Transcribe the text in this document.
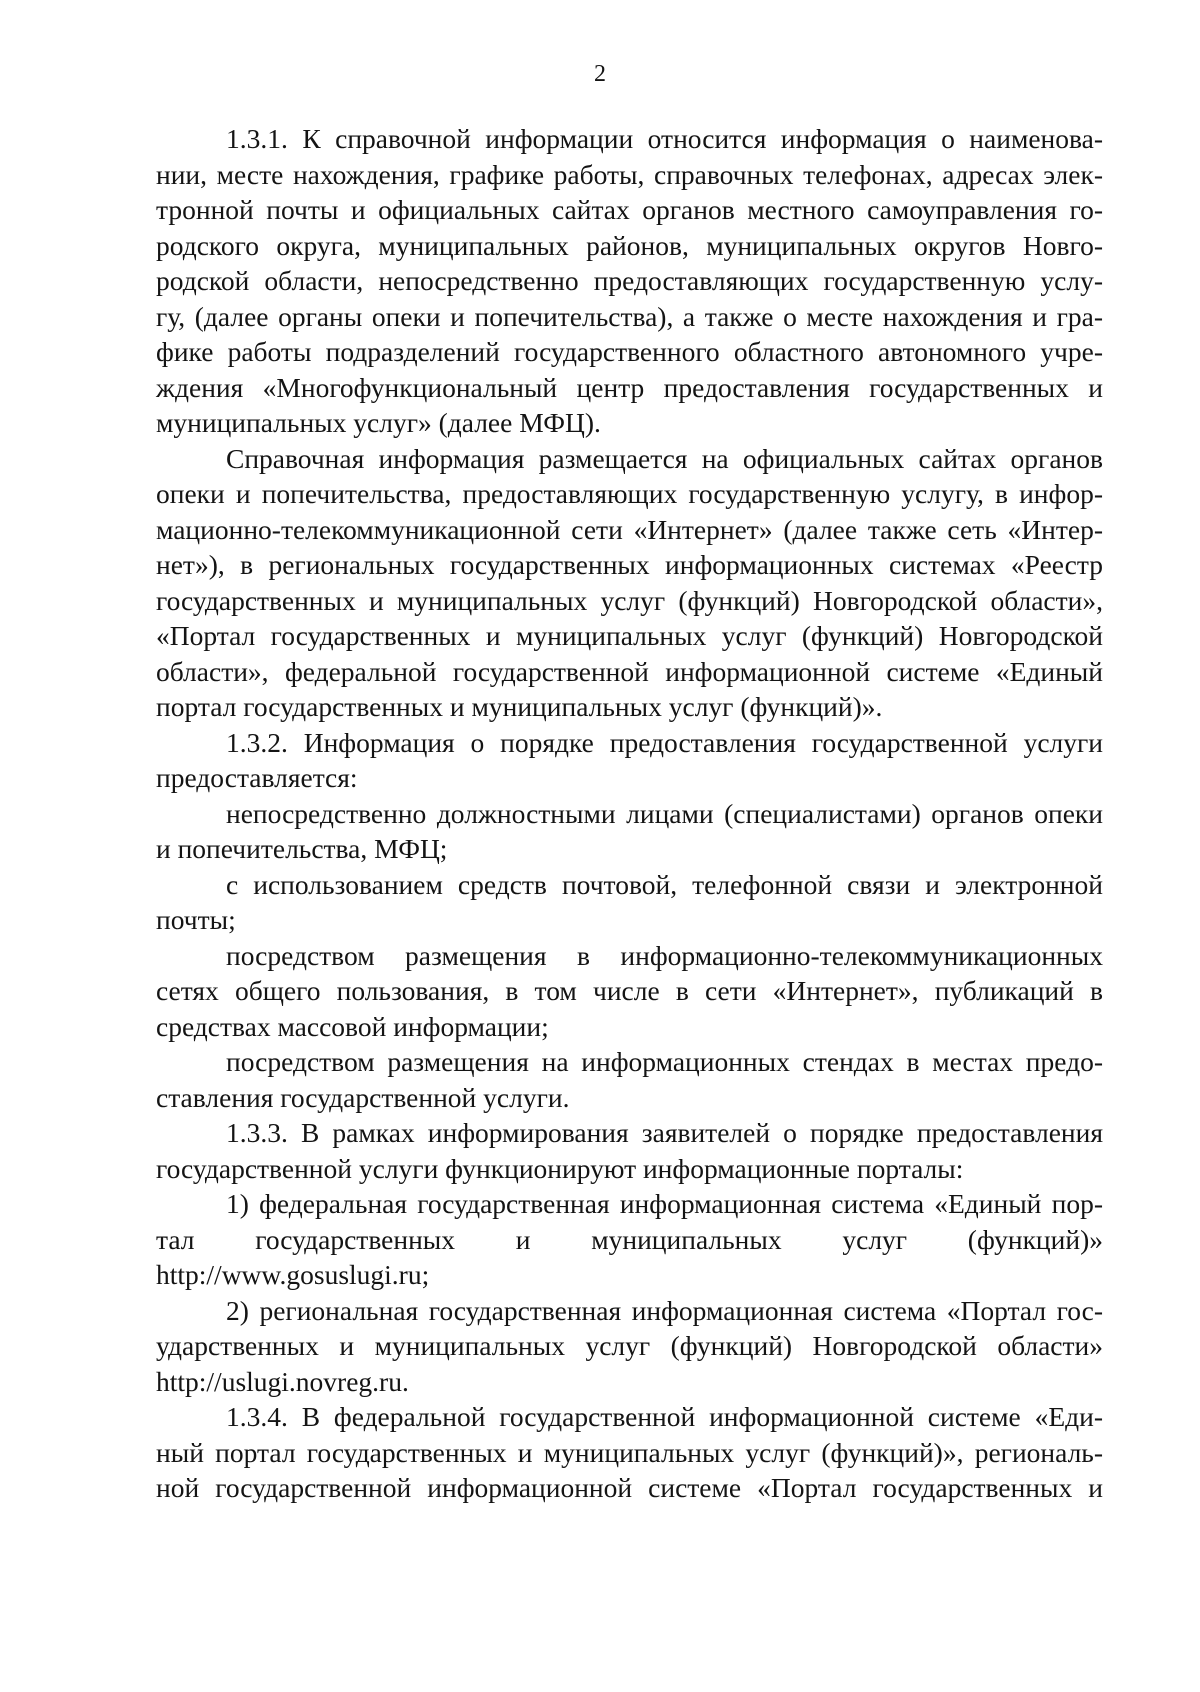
2
1.3.1. К справочной информации относится информация о наименова-
нии, месте нахождения, графике работы, справочных телефонах, адресах элек-
тронной почты и официальных сайтах органов местного самоуправления го-
родского округа, муниципальных районов, муниципальных округов Новго-
родской области, непосредственно предоставляющих государственную услу-
гу, (далее органы опеки и попечительства), а также о месте нахождения и гра-
фике работы подразделений государственного областного автономного учре-
ждения «Многофункциональный центр предоставления государственных и
муниципальных услуг» (далее МФЦ).
Справочная информация размещается на официальных сайтах органов
опеки и попечительства, предоставляющих государственную услугу, в инфор-
мационно-телекоммуникационной сети «Интернет» (далее также сеть «Интер-
нет»), в региональных государственных информационных системах «Реестр
государственных и муниципальных услуг (функций) Новгородской области»,
«Портал государственных и муниципальных услуг (функций) Новгородской
области», федеральной государственной информационной системе «Единый
портал государственных и муниципальных услуг (функций)».
1.3.2. Информация о порядке предоставления государственной услуги
предоставляется:
непосредственно должностными лицами (специалистами) органов опеки
и попечительства, МФЦ;
с использованием средств почтовой, телефонной связи и электронной
почты;
посредством размещения в информационно-телекоммуникационных
сетях общего пользования, в том числе в сети «Интернет», публикаций в
средствах массовой информации;
посредством размещения на информационных стендах в местах предо-
ставления государственной услуги.
1.3.3. В рамках информирования заявителей о порядке предоставления
государственной услуги функционируют информационные порталы:
1) федеральная государственная информационная система «Единый пор-
тал государственных и муниципальных услуг (функций)»
http://www.gosuslugi.ru;
2) региональная государственная информационная система «Портал гос-
ударственных и муниципальных услуг (функций) Новгородской области»
http://uslugi.novreg.ru.
1.3.4. В федеральной государственной информационной системе «Еди-
ный портал государственных и муниципальных услуг (функций)», региональ-
ной государственной информационной системе «Портал государственных и
